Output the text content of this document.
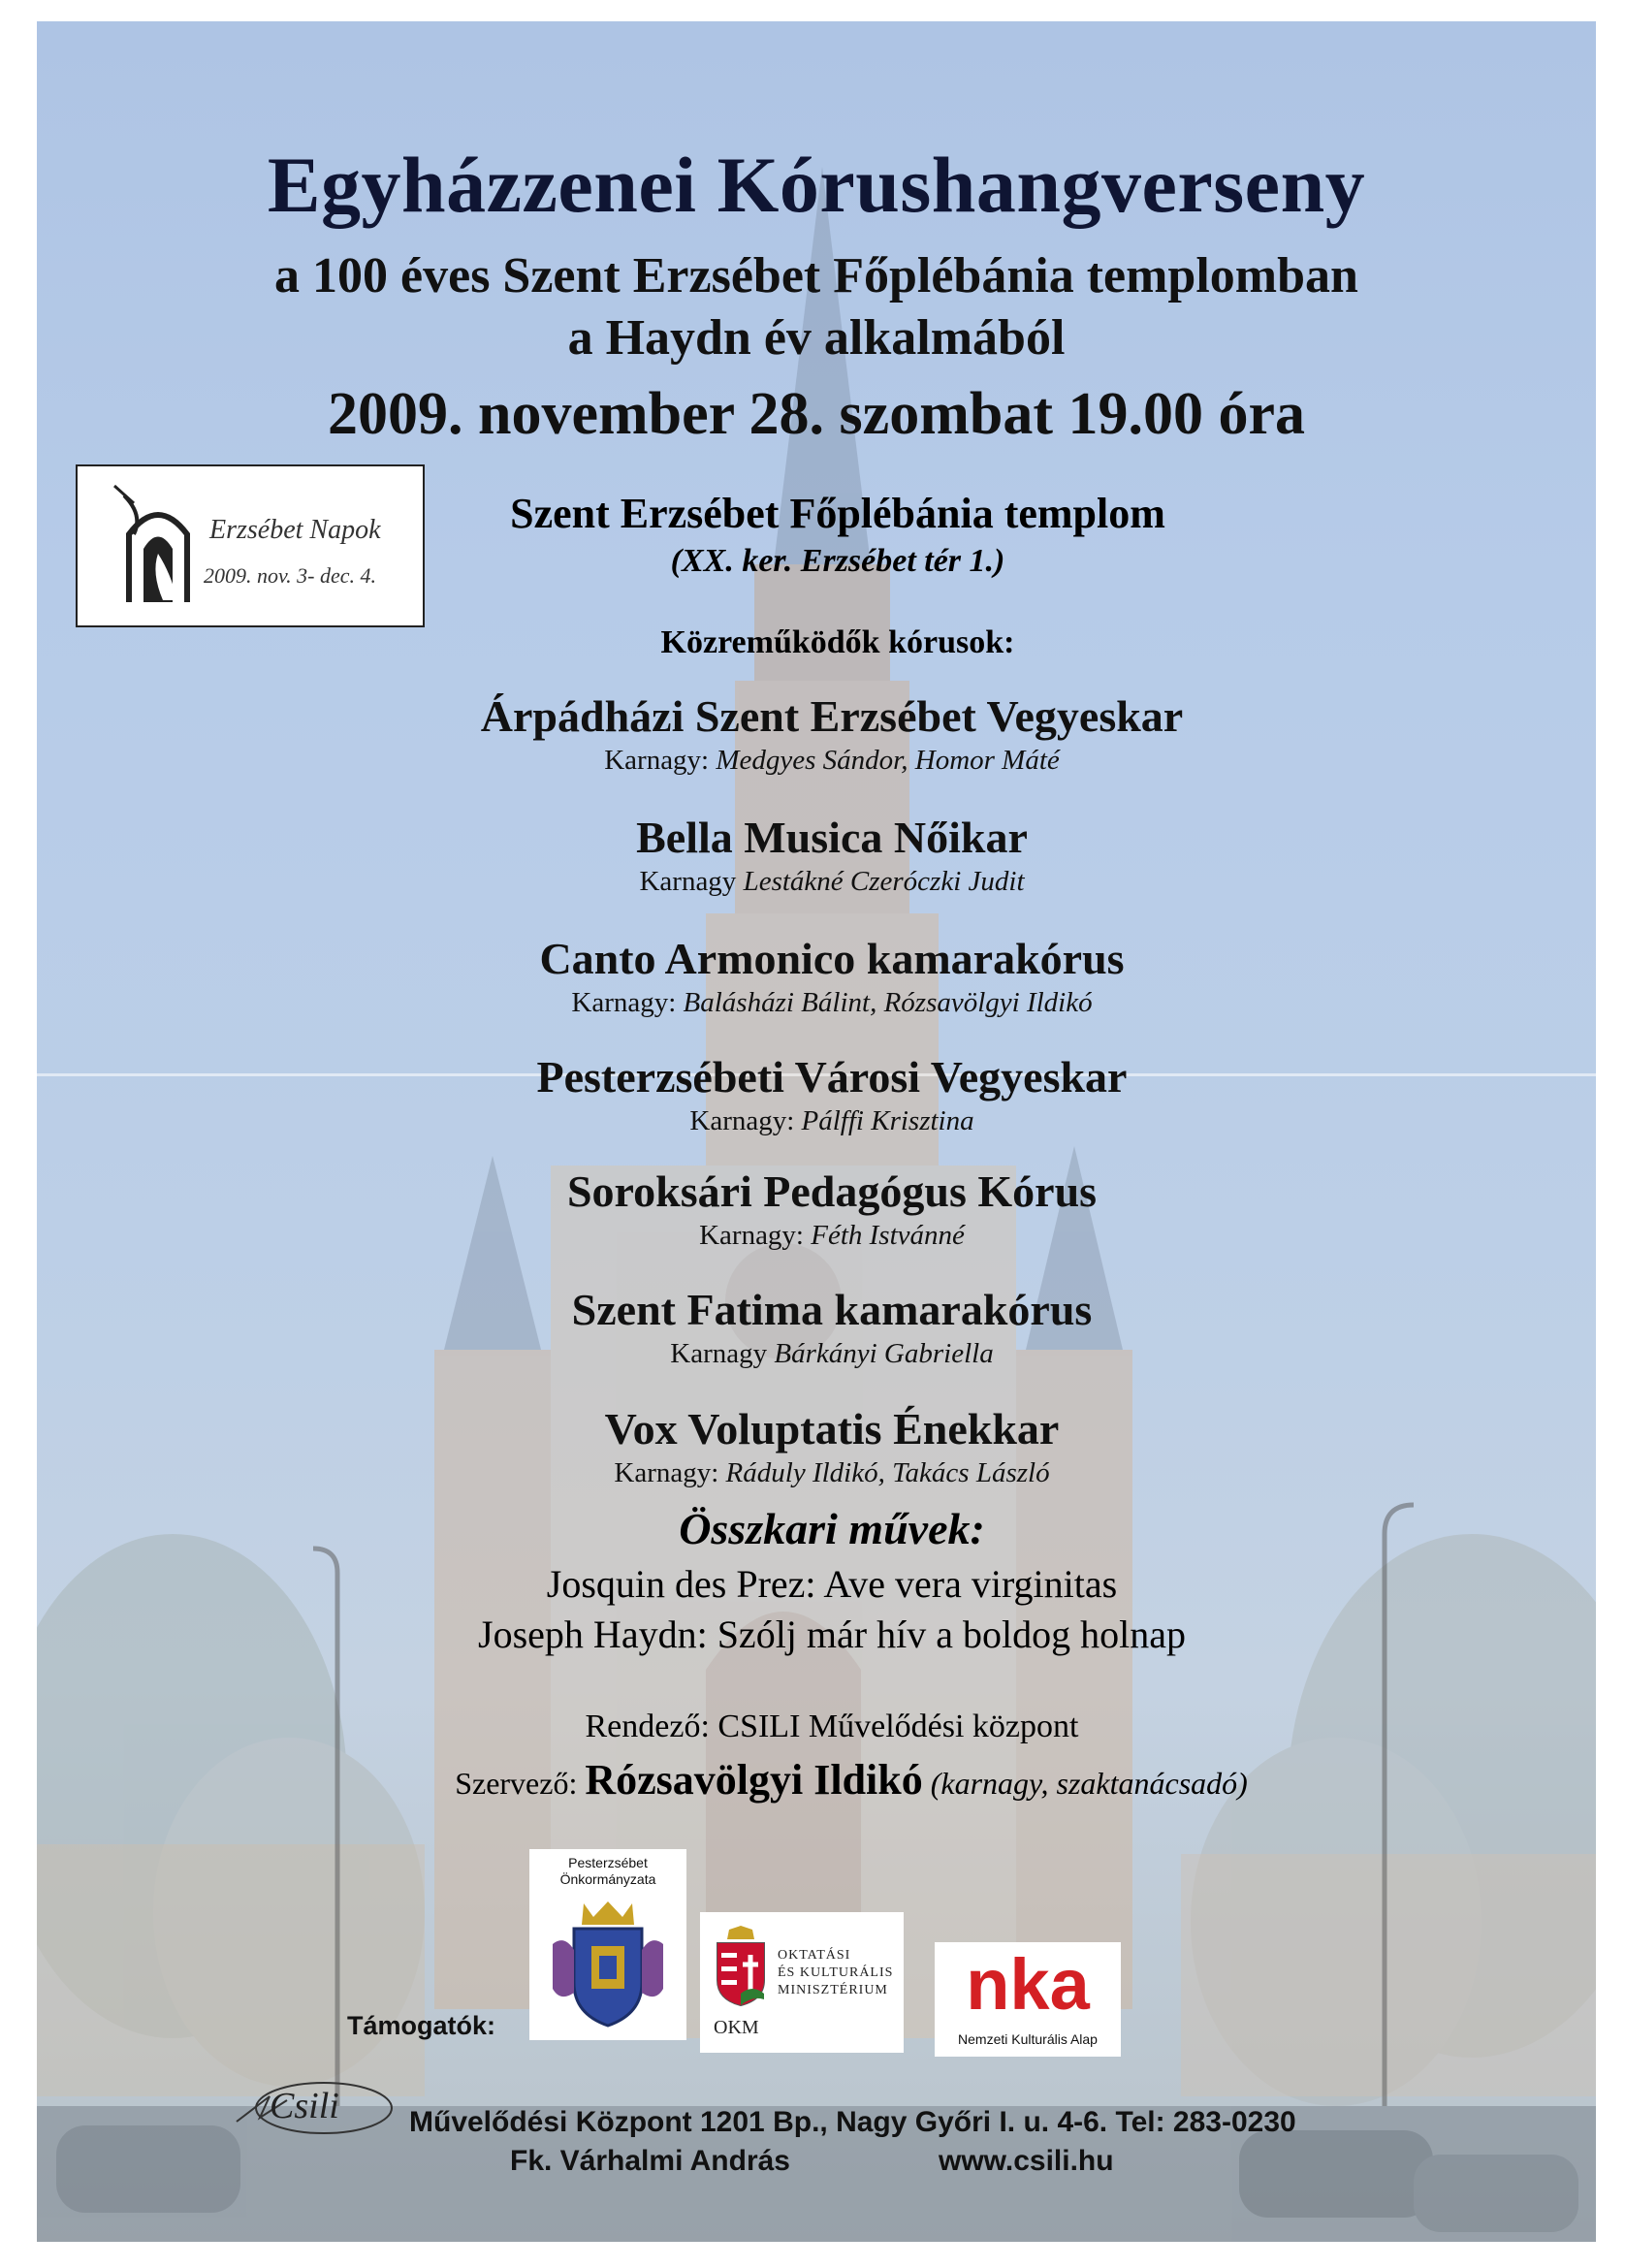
Egyházzenei Kórushangverseny
a 100 éves Szent Erzsébet Főplébánia templomban
a Haydn év alkalmából
2009. november 28. szombat 19.00 óra
Erzsébet Napok
2009. nov. 3- dec. 4.
Szent Erzsébet Főplébánia templom
(XX. ker. Erzsébet tér 1.)
Közreműködők kórusok:
Árpádházi Szent Erzsébet Vegyeskar
Karnagy: Medgyes Sándor, Homor Máté
Bella Musica Nőikar
Karnagy Lestákné Czeróczki Judit
Canto Armonico kamarakórus
Karnagy: Balásházi Bálint, Rózsavölgyi Ildikó
Pesterzsébeti Városi Vegyeskar
Karnagy: Pálffi Krisztina
Soroksári Pedagógus Kórus
Karnagy: Féth Istvánné
Szent Fatima kamarakórus
Karnagy Bárkányi Gabriella
Vox Voluptatis Énekkar
Karnagy: Ráduly Ildikó, Takács László
Összkari művek:
Josquin des Prez: Ave vera virginitas
Joseph Haydn: Szólj már hív a boldog holnap
Rendező: CSILI Művelődési központ
Szervező: Rózsavölgyi Ildikó (karnagy, szaktanácsadó)
Támogatók:
Pesterzsébet Önkormányzata
OKTATÁSI
ÉS KULTURÁLIS
MINISZTÉRIUM
OKM
nka
Nemzeti Kulturális Alap
Csili Művelődési Központ 1201 Bp., Nagy Győri I. u. 4-6. Tel: 283-0230
Fk. Várhalmi András	www.csili.hu
